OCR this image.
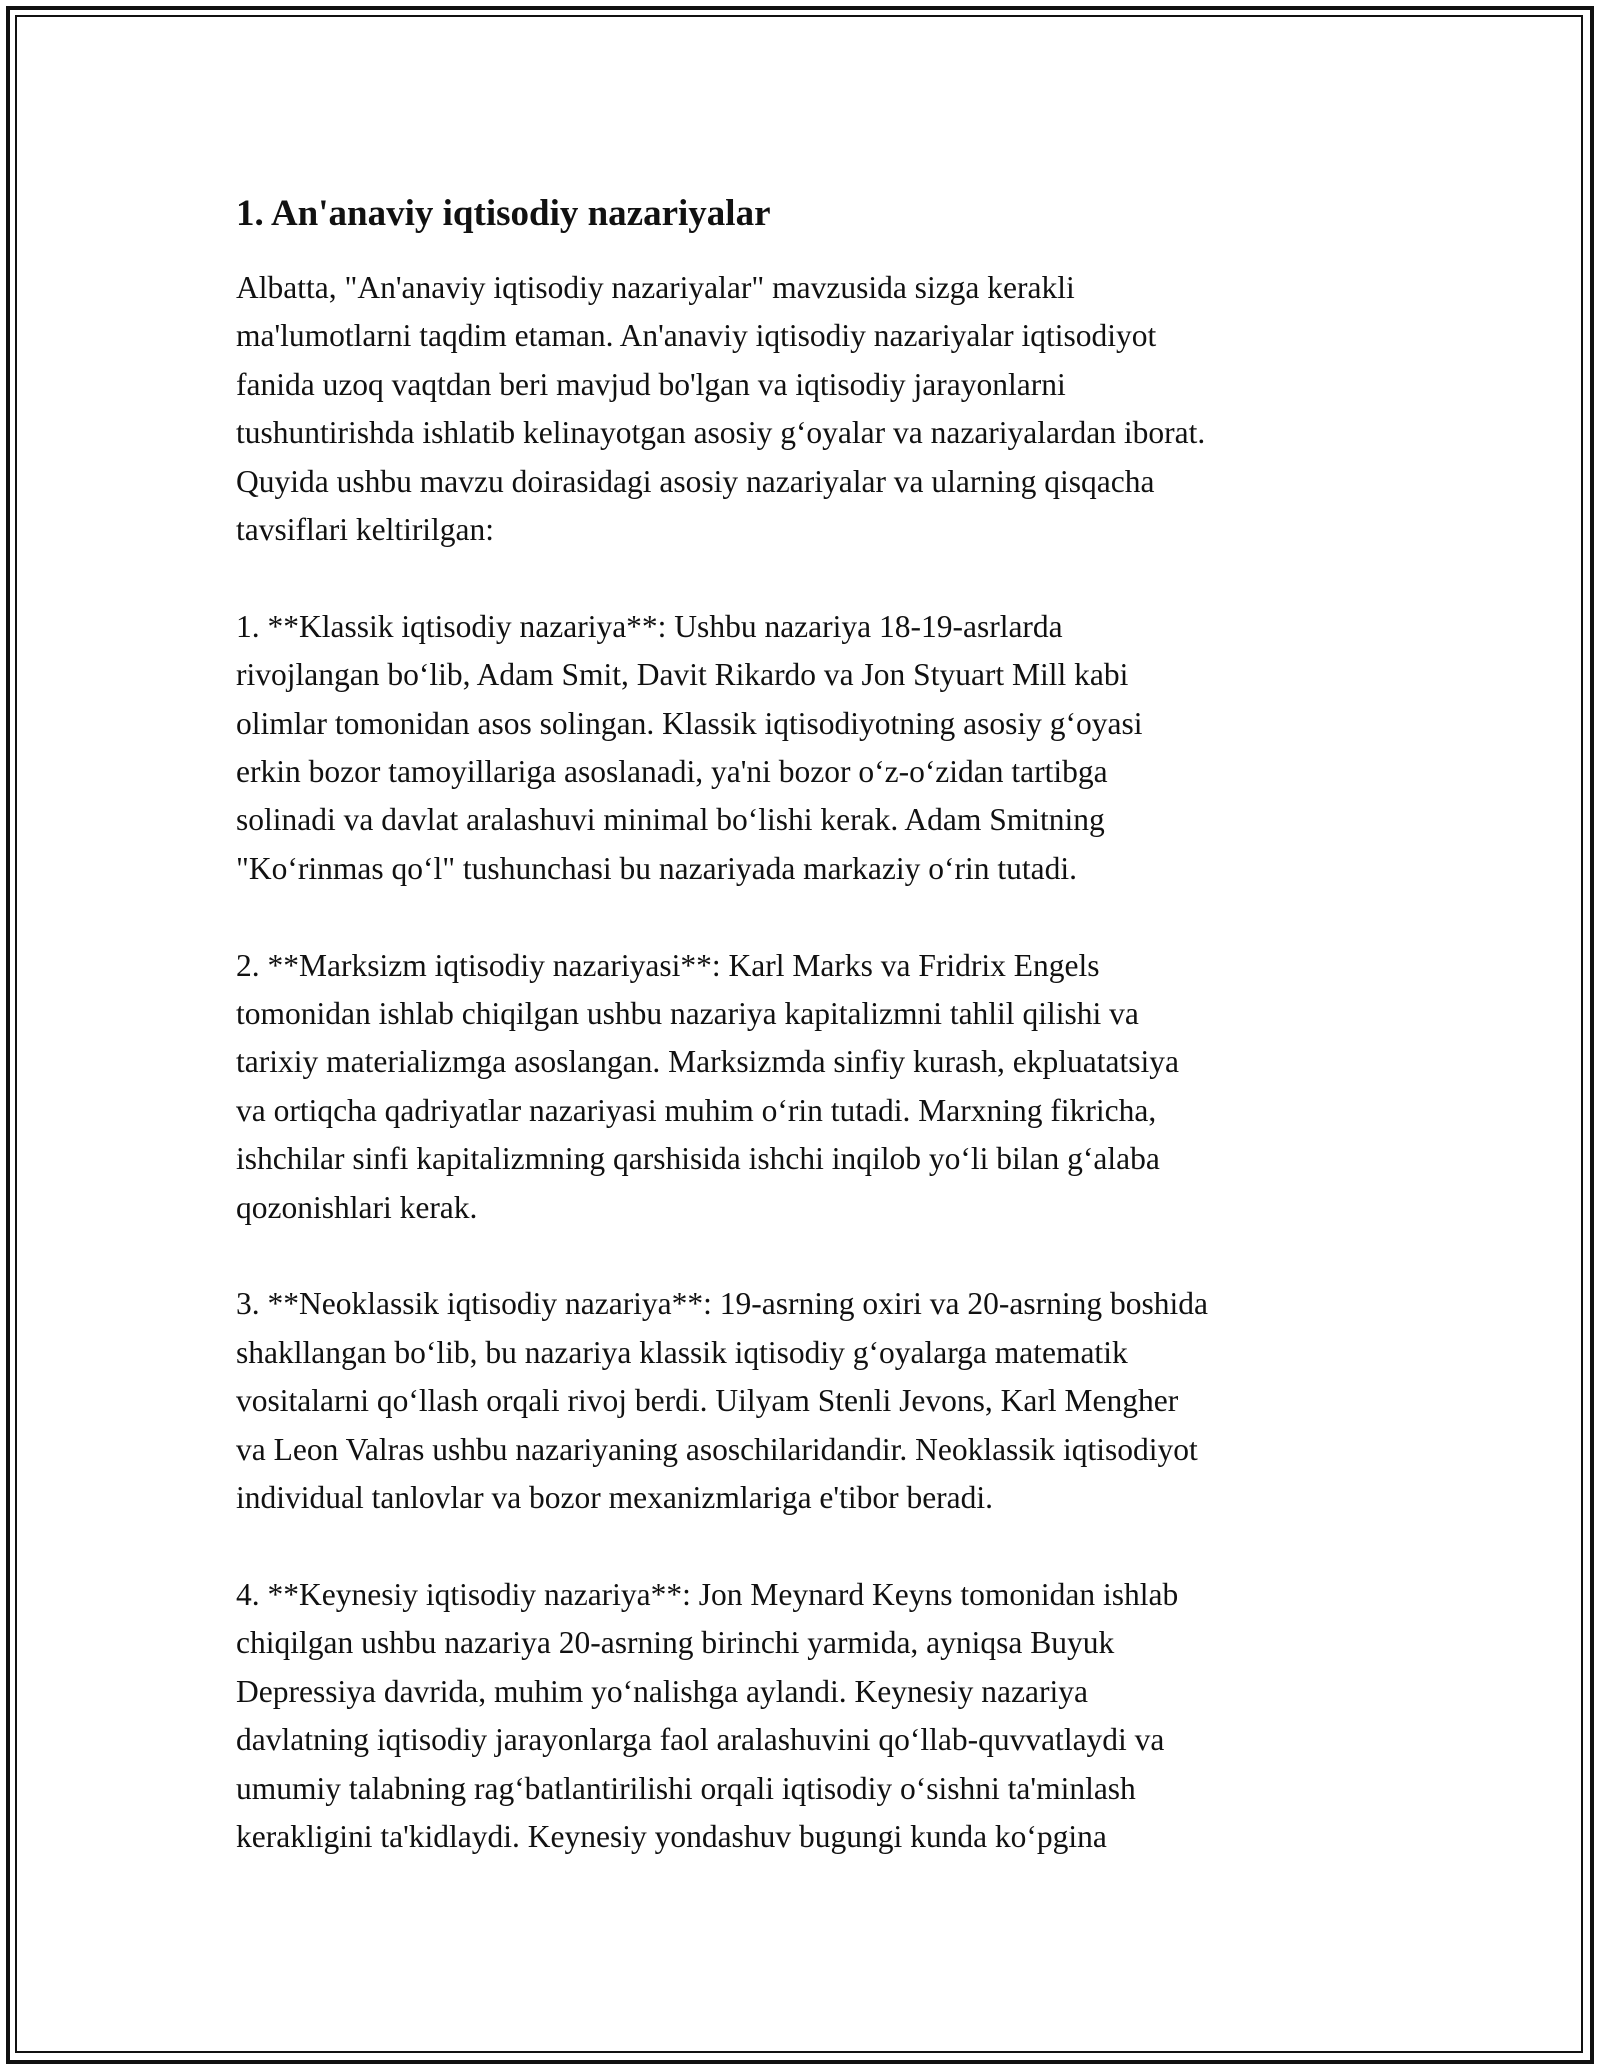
1. An'anaviy iqtisodiy nazariyalar
Albatta, "An'anaviy iqtisodiy nazariyalar" mavzusida sizga kerakli
ma'lumotlarni taqdim etaman. An'anaviy iqtisodiy nazariyalar iqtisodiyot
fanida uzoq vaqtdan beri mavjud bo'lgan va iqtisodiy jarayonlarni
tushuntirishda ishlatib kelinayotgan asosiy g‘oyalar va nazariyalardan iborat.
Quyida ushbu mavzu doirasidagi asosiy nazariyalar va ularning qisqacha
tavsiflari keltirilgan:
1. **Klassik iqtisodiy nazariya**: Ushbu nazariya 18-19-asrlarda
rivojlangan bo‘lib, Adam Smit, Davit Rikardo va Jon Styuart Mill kabi
olimlar tomonidan asos solingan. Klassik iqtisodiyotning asosiy g‘oyasi
erkin bozor tamoyillariga asoslanadi, ya'ni bozor o‘z-o‘zidan tartibga
solinadi va davlat aralashuvi minimal bo‘lishi kerak. Adam Smitning
"Ko‘rinmas qo‘l" tushunchasi bu nazariyada markaziy o‘rin tutadi.
2. **Marksizm iqtisodiy nazariyasi**: Karl Marks va Fridrix Engels
tomonidan ishlab chiqilgan ushbu nazariya kapitalizmni tahlil qilishi va
tarixiy materializmga asoslangan. Marksizmda sinfiy kurash, ekpluatatsiya
va ortiqcha qadriyatlar nazariyasi muhim o‘rin tutadi. Marxning fikricha,
ishchilar sinfi kapitalizmning qarshisida ishchi inqilob yo‘li bilan g‘alaba
qozonishlari kerak.
3. **Neoklassik iqtisodiy nazariya**: 19-asrning oxiri va 20-asrning boshida
shakllangan bo‘lib, bu nazariya klassik iqtisodiy g‘oyalarga matematik
vositalarni qo‘llash orqali rivoj berdi. Uilyam Stenli Jevons, Karl Mengher
va Leon Valras ushbu nazariyaning asoschilaridandir. Neoklassik iqtisodiyot
individual tanlovlar va bozor mexanizmlariga e'tibor beradi.
4. **Keynesiy iqtisodiy nazariya**: Jon Meynard Keyns tomonidan ishlab
chiqilgan ushbu nazariya 20-asrning birinchi yarmida, ayniqsa Buyuk
Depressiya davrida, muhim yo‘nalishga aylandi. Keynesiy nazariya
davlatning iqtisodiy jarayonlarga faol aralashuvini qo‘llab-quvvatlaydi va
umumiy talabning rag‘batlantirilishi orqali iqtisodiy o‘sishni ta'minlash
kerakligini ta'kidlaydi. Keynesiy yondashuv bugungi kunda ko‘pgina
